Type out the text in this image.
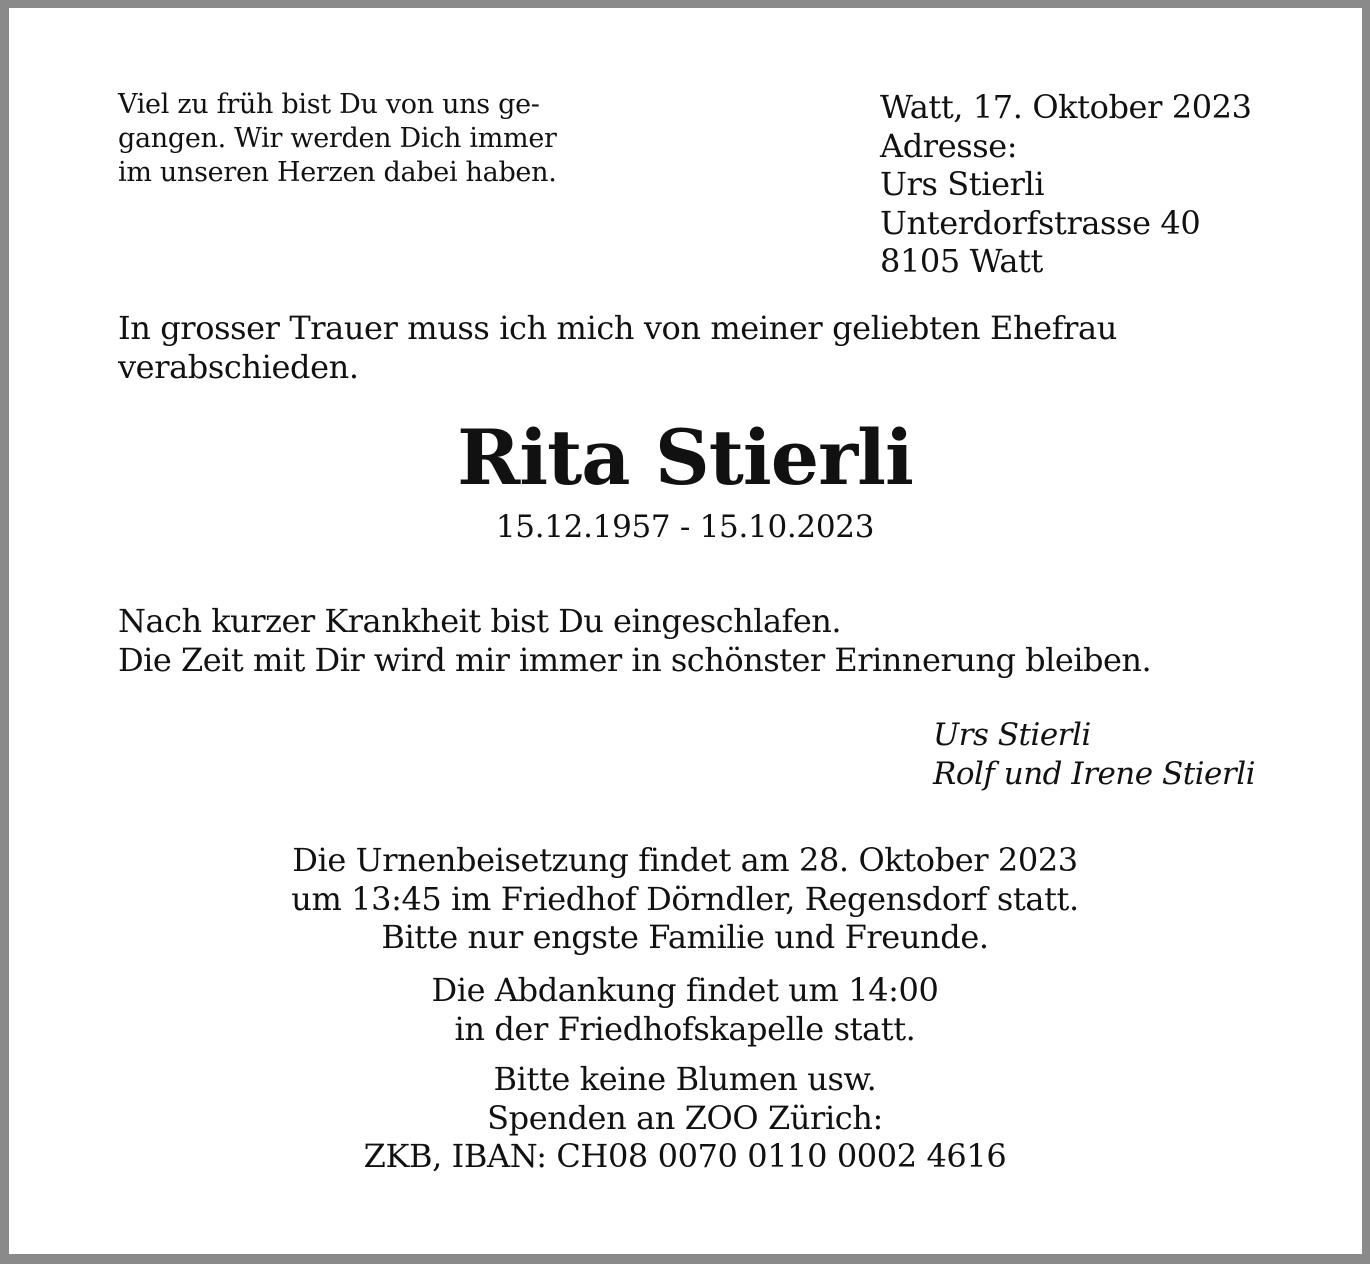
Viel zu früh bist Du von uns ge-
gangen. Wir werden Dich immer
im unseren Herzen dabei haben.
Watt, 17. Oktober 2023
Adresse:
Urs Stierli
Unterdorfstrasse 40
8105 Watt
In grosser Trauer muss ich mich von meiner geliebten Ehefrau
verabschieden.
Rita Stierli
15.12.1957 - 15.10.2023
Nach kurzer Krankheit bist Du eingeschlafen.
Die Zeit mit Dir wird mir immer in schönster Erinnerung bleiben.
Urs Stierli
Rolf und Irene Stierli
Die Urnenbeisetzung findet am 28. Oktober 2023
um 13:45 im Friedhof Dörndler, Regensdorf statt.
Bitte nur engste Familie und Freunde.
Die Abdankung findet um 14:00
in der Friedhofskapelle statt.
Bitte keine Blumen usw.
Spenden an ZOO Zürich:
ZKB, IBAN: CH08 0070 0110 0002 4616
